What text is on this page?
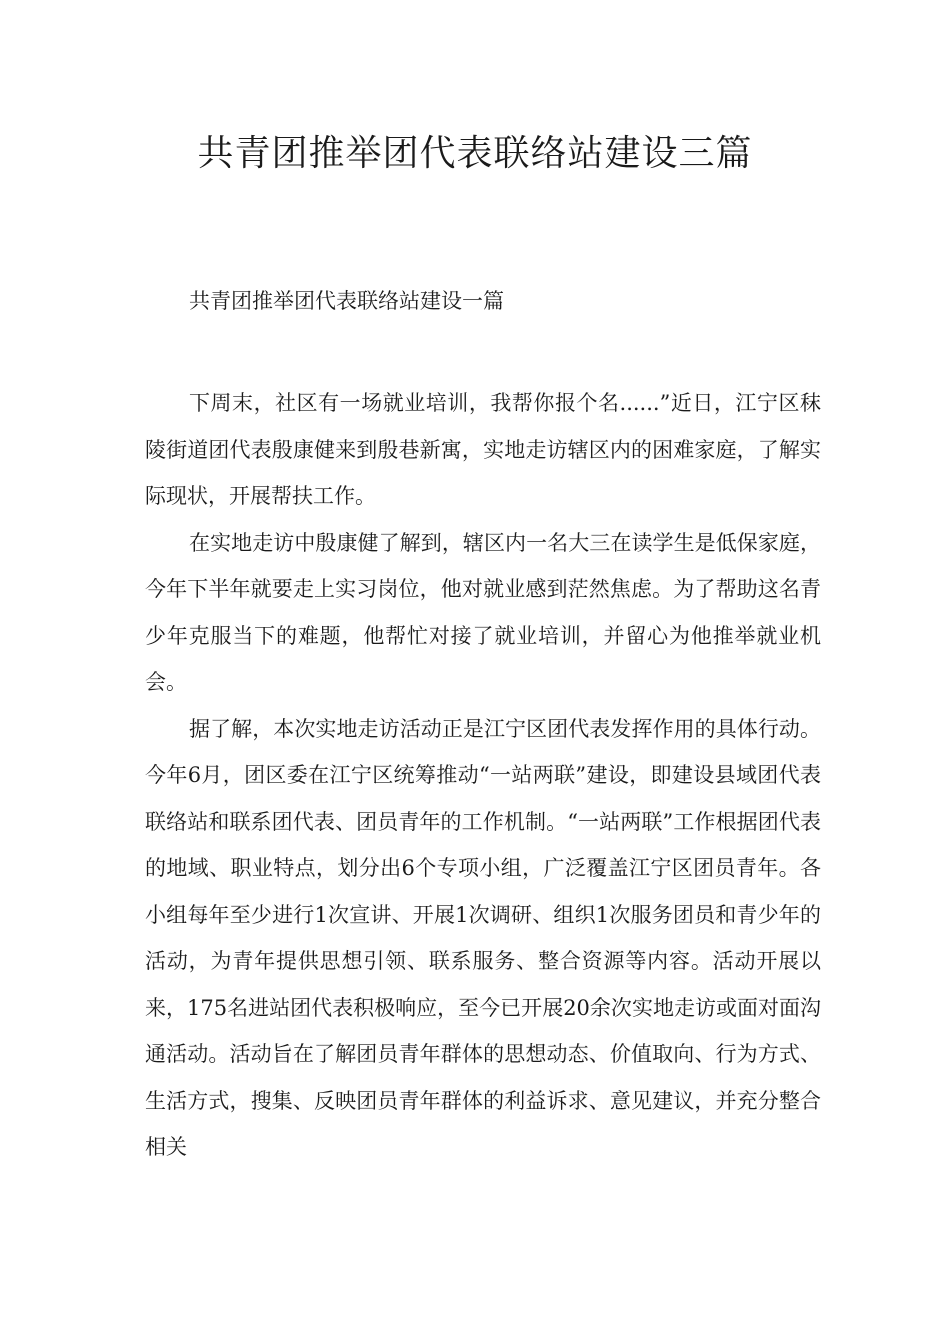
共青团推举团代表联络站建设三篇

共青团推举团代表联络站建设一篇

下周末，社区有一场就业培训，我帮你报个名......”近日，江宁区秣陵街道团代表殷康健来到殷巷新寓，实地走访辖区内的困难家庭，了解实际现状，开展帮扶工作。

在实地走访中殷康健了解到，辖区内一名大三在读学生是低保家庭，今年下半年就要走上实习岗位，他对就业感到茫然焦虑。为了帮助这名青少年克服当下的难题，他帮忙对接了就业培训，并留心为他推举就业机会。

据了解，本次实地走访活动正是江宁区团代表发挥作用的具体行动。今年6月，团区委在江宁区统筹推动“一站两联”建设，即建设县域团代表联络站和联系团代表、团员青年的工作机制。“一站两联”工作根据团代表的地域、职业特点，划分出6个专项小组，广泛覆盖江宁区团员青年。各小组每年至少进行1次宣讲、开展1次调研、组织1次服务团员和青少年的活动，为青年提供思想引领、联系服务、整合资源等内容。活动开展以来，175名进站团代表积极响应，至今已开展20余次实地走访或面对面沟通活动。活动旨在了解团员青年群体的思想动态、价值取向、行为方式、生活方式，搜集、反映团员青年群体的利益诉求、意见建议，并充分整合相关
